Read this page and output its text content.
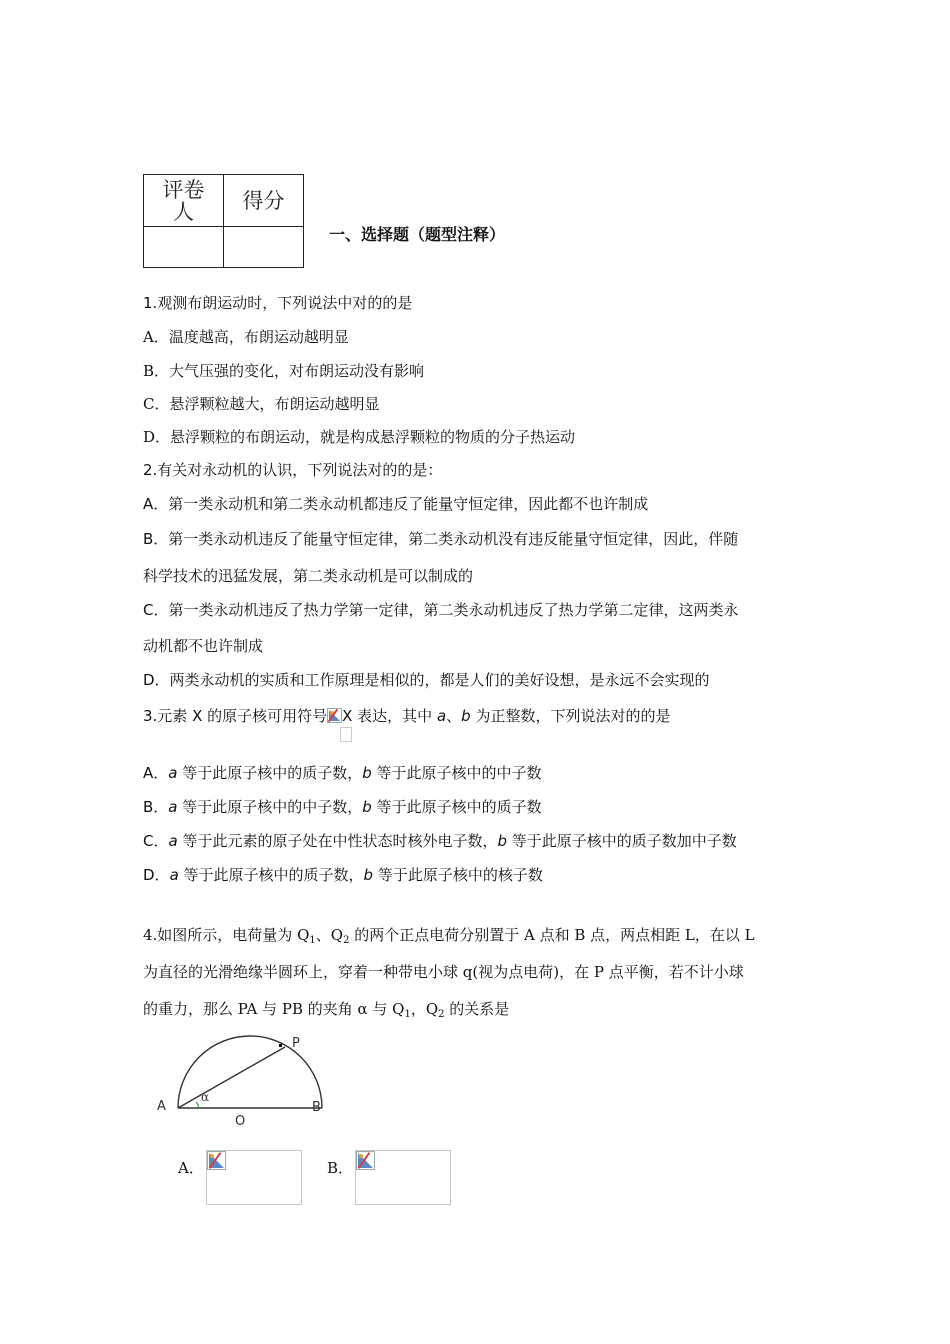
评卷
人	得分

一、选择题（题型注释）
1.观测布朗运动时，下列说法中对的的是
A．温度越高，布朗运动越明显
B．大气压强的变化，对布朗运动没有影响
C．悬浮颗粒越大，布朗运动越明显
D．悬浮颗粒的布朗运动，就是构成悬浮颗粒的物质的分子热运动
2.有关对永动机的认识，下列说法对的的是：
A．第一类永动机和第二类永动机都违反了能量守恒定律，因此都不也许制成
B．第一类永动机违反了能量守恒定律，第二类永动机没有违反能量守恒定律，因此，伴随
科学技术的迅猛发展，第二类永动机是可以制成的
C．第一类永动机违反了热力学第一定律，第二类永动机违反了热力学第二定律，这两类永
动机都不也许制成
D．两类永动机的实质和工作原理是相似的，都是人们的美好设想，是永远不会实现的
3.元素 X 的原子核可用符号 X 表达，其中 a、b 为正整数，下列说法对的的是
A．a 等于此原子核中的质子数，b 等于此原子核中的中子数
B．a 等于此原子核中的中子数，b 等于此原子核中的质子数
C．a 等于此元素的原子处在中性状态时核外电子数，b 等于此原子核中的质子数加中子数
D．a 等于此原子核中的质子数，b 等于此原子核中的核子数
4.如图所示，电荷量为 $Q_1$、$Q_2$ 的两个正点电荷分别置于 A 点和 B 点，两点相距 L，在以 L
为直径的光滑绝缘半圆环上，穿着一种带电小球 q(视为点电荷)，在 P 点平衡，若不计小球
的重力，那么 PA 与 PB 的夹角 α 与 $Q_1$，$Q_2$ 的关系是
A	B
O
P
α
A．	B．
